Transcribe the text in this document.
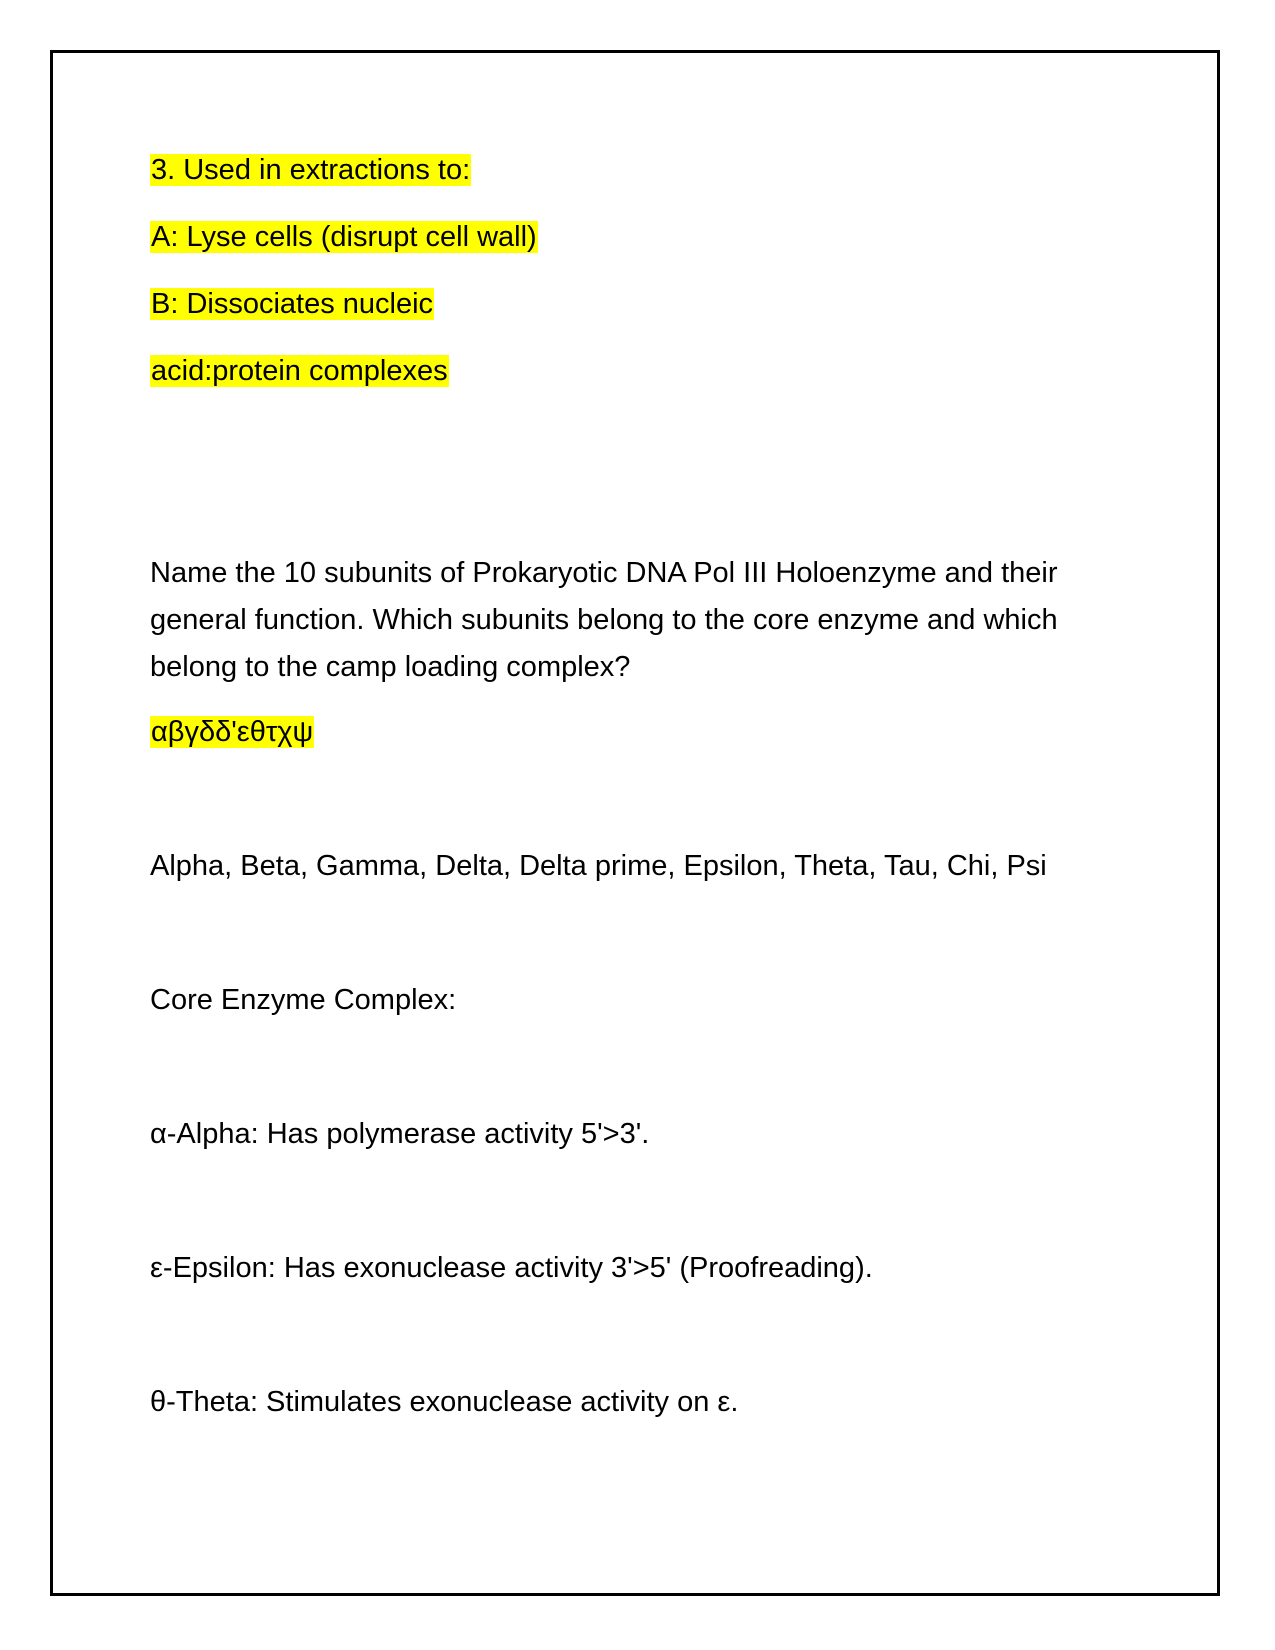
3. Used in extractions to:
A: Lyse cells (disrupt cell wall)
B: Dissociates nucleic
acid:protein complexes
Name the 10 subunits of Prokaryotic DNA Pol III Holoenzyme and their general function. Which subunits belong to the core enzyme and which belong to the camp loading complex?
αβγδδ'εθτχψ
Alpha, Beta, Gamma, Delta, Delta prime, Epsilon, Theta, Tau, Chi, Psi
Core Enzyme Complex:
α-Alpha: Has polymerase activity 5'>3'.
ε-Epsilon: Has exonuclease activity 3'>5' (Proofreading).
θ-Theta: Stimulates exonuclease activity on ε.
